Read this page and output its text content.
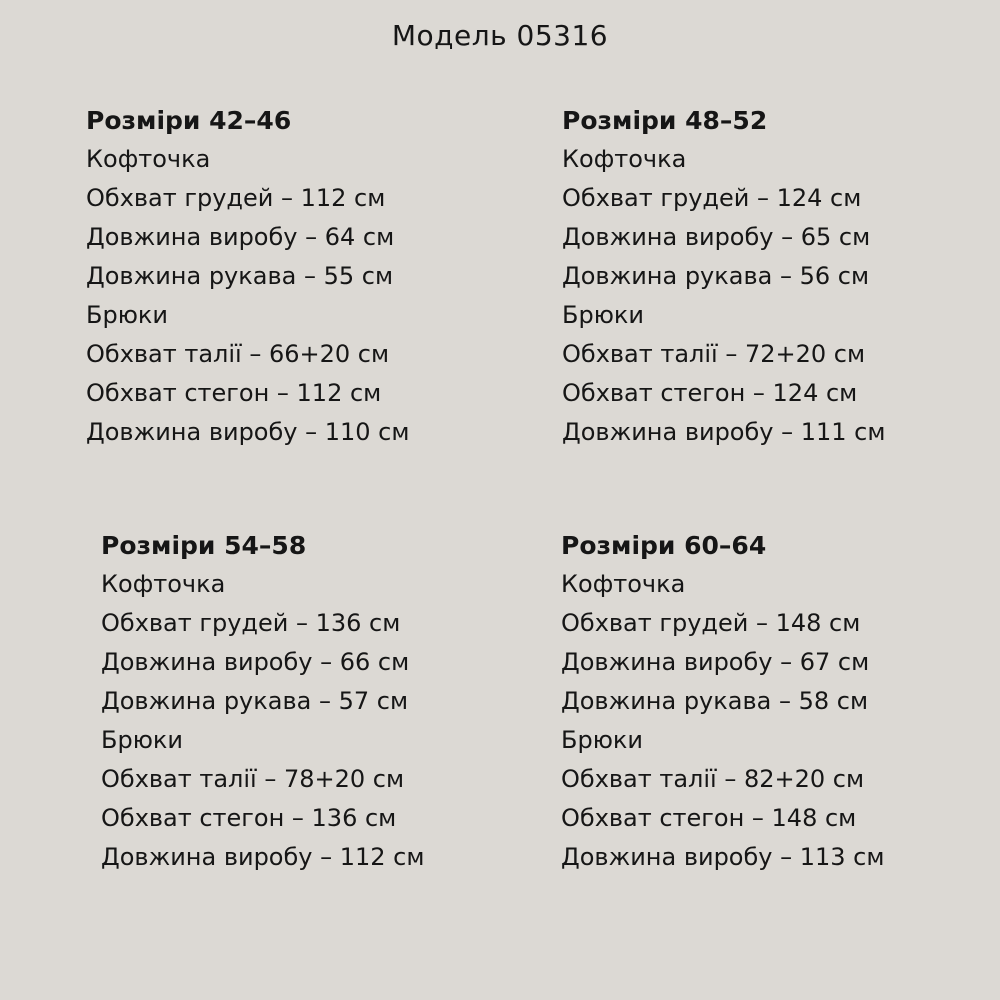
Модель 05316
Розміри 42–46
Кофточка
Обхват грудей – 112 см
Довжина виробу – 64 см
Довжина рукава – 55 см
Брюки
Обхват талії – 66+20 см
Обхват стегон – 112 см
Довжина виробу – 110 см
Розміри 48–52
Кофточка
Обхват грудей – 124 см
Довжина виробу – 65 см
Довжина рукава – 56 см
Брюки
Обхват талії – 72+20 см
Обхват стегон – 124 см
Довжина виробу – 111 см
Розміри 54–58
Кофточка
Обхват грудей – 136 см
Довжина виробу – 66 см
Довжина рукава – 57 см
Брюки
Обхват талії – 78+20 см
Обхват стегон – 136 см
Довжина виробу – 112 см
Розміри 60–64
Кофточка
Обхват грудей – 148 см
Довжина виробу – 67 см
Довжина рукава – 58 см
Брюки
Обхват талії – 82+20 см
Обхват стегон – 148 см
Довжина виробу – 113 см
